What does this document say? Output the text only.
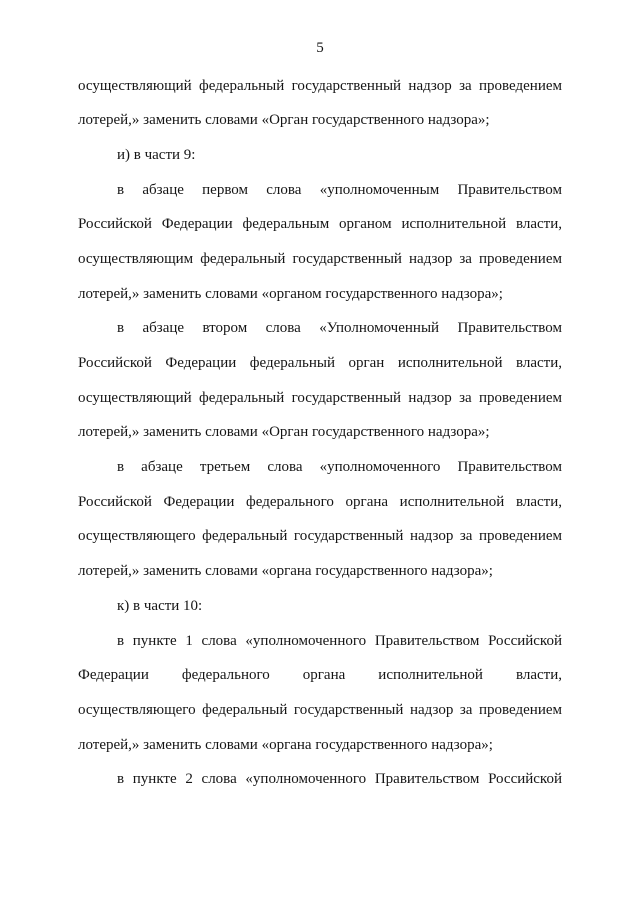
5
осуществляющий федеральный государственный надзор за проведением
лотерей,» заменить словами «Орган государственного надзора»;
и) в части 9:
в абзаце первом слова «уполномоченным Правительством
Российской Федерации федеральным органом исполнительной власти,
осуществляющим федеральный государственный надзор за проведением
лотерей,» заменить словами «органом государственного надзора»;
в абзаце втором слова «Уполномоченный Правительством
Российской Федерации федеральный орган исполнительной власти,
осуществляющий федеральный государственный надзор за проведением
лотерей,» заменить словами «Орган государственного надзора»;
в абзаце третьем слова «уполномоченного Правительством
Российской Федерации федерального органа исполнительной власти,
осуществляющего федеральный государственный надзор за проведением
лотерей,» заменить словами «органа государственного надзора»;
к) в части 10:
в пункте 1 слова «уполномоченного Правительством Российской
Федерации федерального органа исполнительной власти,
осуществляющего федеральный государственный надзор за проведением
лотерей,» заменить словами «органа государственного надзора»;
в пункте 2 слова «уполномоченного Правительством Российской
